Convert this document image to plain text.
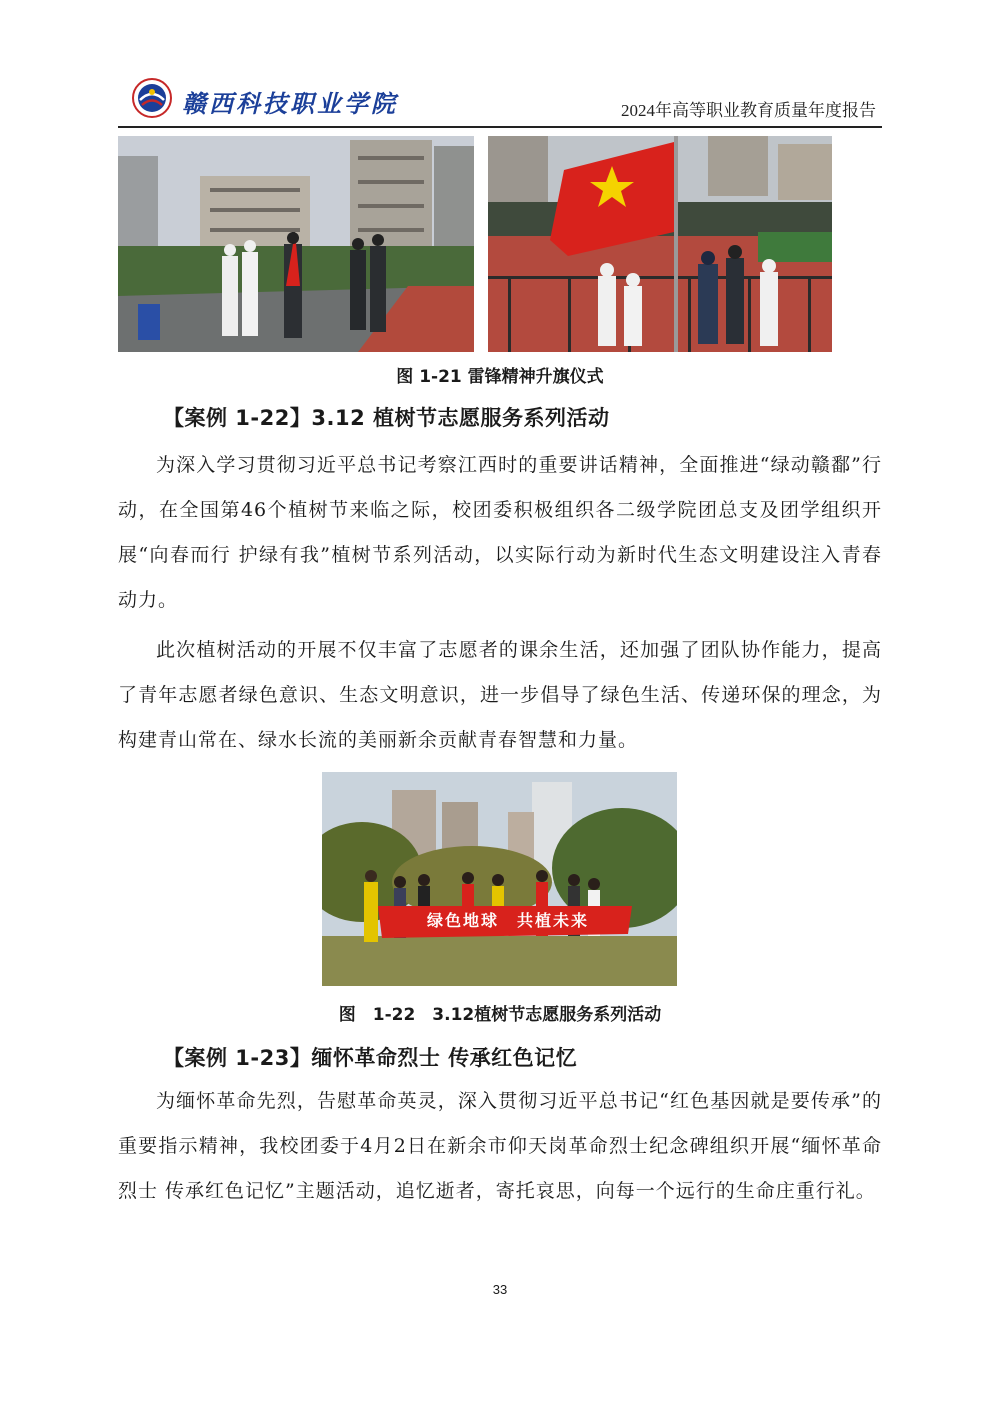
赣西科技职业学院	2024年高等职业教育质量年度报告
图 1-21 雷锋精神升旗仪式
【案例 1-22】3.12 植树节志愿服务系列活动

为深入学习贯彻习近平总书记考察江西时的重要讲话精神，全面推进“绿动赣鄱”行动，在全国第46个植树节来临之际，校团委积极组织各二级学院团总支及团学组织开展“向春而行 护绿有我”植树节系列活动，以实际行动为新时代生态文明建设注入青春动力。

此次植树活动的开展不仅丰富了志愿者的课余生活，还加强了团队协作能力，提高了青年志愿者绿色意识、生态文明意识，进一步倡导了绿色生活、传递环保的理念，为构建青山常在、绿水长流的美丽新余贡献青春智慧和力量。

绿色地球　共植未来
图　1-22　3.12植树节志愿服务系列活动
【案例 1-23】缅怀革命烈士 传承红色记忆

为缅怀革命先烈，告慰革命英灵，深入贯彻习近平总书记“红色基因就是要传承”的重要指示精神，我校团委于4月2日在新余市仰天岗革命烈士纪念碑组织开展“缅怀革命烈士 传承红色记忆”主题活动，追忆逝者，寄托哀思，向每一个远行的生命庄重行礼。

33
